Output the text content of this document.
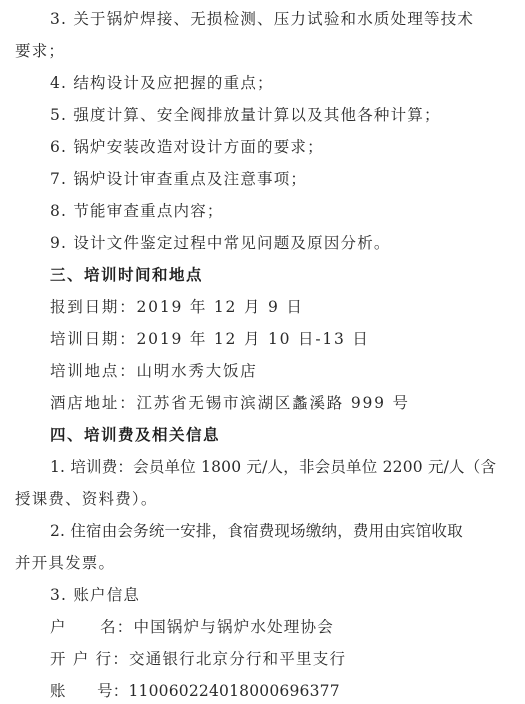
3. 关于锅炉焊接、无损检测、压力试验和水质处理等技术
要求；
4. 结构设计及应把握的重点；
5. 强度计算、安全阀排放量计算以及其他各种计算；
6. 锅炉安装改造对设计方面的要求；
7. 锅炉设计审查重点及注意事项；
8. 节能审查重点内容；
9. 设计文件鉴定过程中常见问题及原因分析。
三、培训时间和地点
报到日期：2019 年 12 月 9 日
培训日期：2019 年 12 月 10 日-13 日
培训地点：山明水秀大饭店
酒店地址：江苏省无锡市滨湖区蠡溪路 999 号
四、培训费及相关信息
1. 培训费：会员单位 1800 元/人，非会员单位 2200 元/人（含
授课费、资料费）。
2. 住宿由会务统一安排，食宿费现场缴纳，费用由宾馆收取
并开具发票。
3. 账户信息
户　　名：中国锅炉与锅炉水处理协会
开 户 行：交通银行北京分行和平里支行
账　　号：110060224018000696377
